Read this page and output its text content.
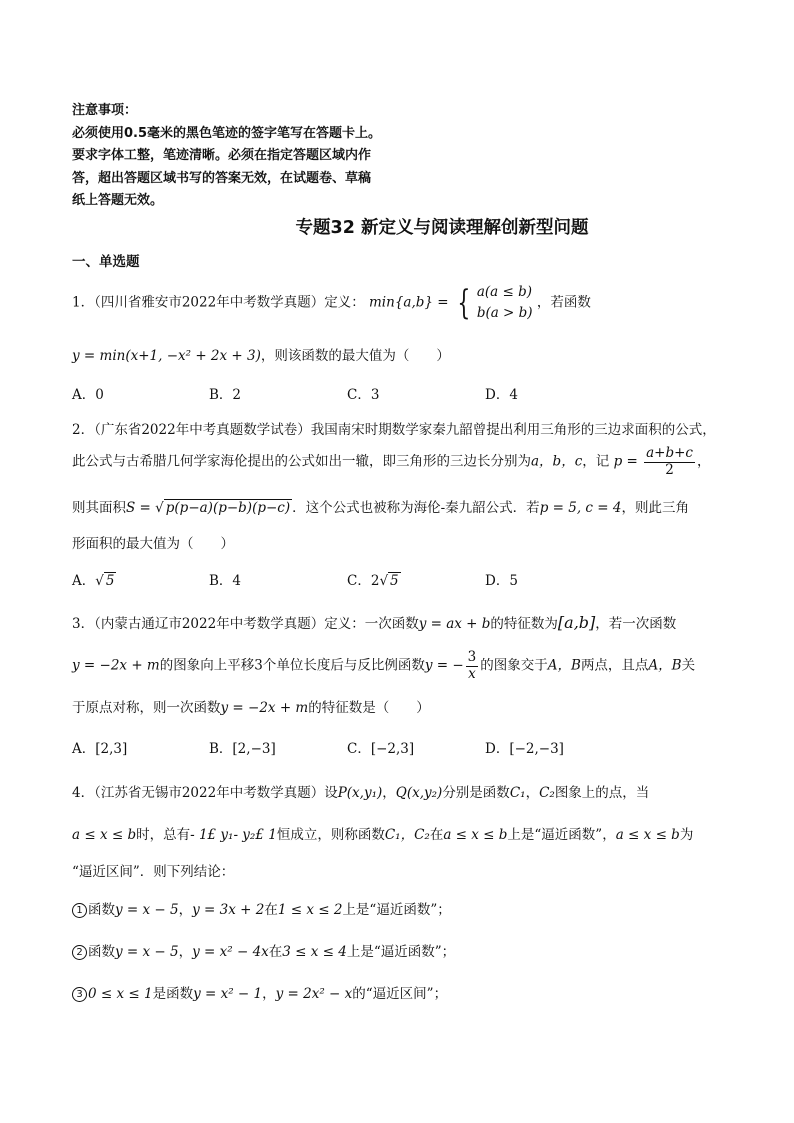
注意事项：
必须使用0.5毫米的黑色笔迹的签字笔写在答题卡上。
要求字体工整，笔迹清晰。必须在指定答题区域内作
答，超出答题区域书写的答案无效，在试题卷、草稿
纸上答题无效。
专题32 新定义与阅读理解创新型问题
一、单选题
1．（四川省雅安市2022年中考数学真题）定义： min{a,b} = { a(a ≤ b)
b(a > b)
，若函数
y = min(x+1, −x² + 2x + 3)，则该函数的最大值为（　　）
A．0	B．2	C．3	D．4
2．（广东省2022年中考真题数学试卷）我国南宋时期数学家秦九韶曾提出利用三角形的三边求面积的公式，
此公式与古希腊几何学家海伦提出的公式如出一辙，即三角形的三边长分别为a，b，c，记 $p = \frac{a+b+c}{2}$ ，
则其面积S = √ p(p−a)(p−b)(p−c) ．这个公式也被称为海伦-秦九韶公式．若p = 5, c = 4，则此三角
形面积的最大值为（　　）
A．√ 5	B．4	C．2√ 5	D．5
3．（内蒙古通辽市2022年中考数学真题）定义：一次函数y = ax + b的特征数为[a,b]，若一次函数
y = −2x + m的图象向上平移3个单位长度后与反比例函数y = − $\frac{3}{x}$ 的图象交于A，B两点，且点A，B关
于原点对称，则一次函数y = −2x + m的特征数是（　　）
A．[2,3]	B．[2,−3]	C．[−2,3]	D．[−2,−3]
4．（江苏省无锡市2022年中考数学真题）设P(x,y₁)，Q(x,y₂)分别是函数C₁，C₂图象上的点，当
a ≤ x ≤ b时，总有- 1£ y₁- y₂£ 1恒成立，则称函数C₁，C₂在a ≤ x ≤ b上是“逼近函数”，a ≤ x ≤ b为
“逼近区间”．则下列结论：
1 函数y = x − 5，y = 3x + 2在1 ≤ x ≤ 2上是“逼近函数”；
2 函数y = x − 5，y = x² − 4x在3 ≤ x ≤ 4上是“逼近函数”；
3 0 ≤ x ≤ 1是函数y = x² − 1，y = 2x² − x的“逼近区间”；
